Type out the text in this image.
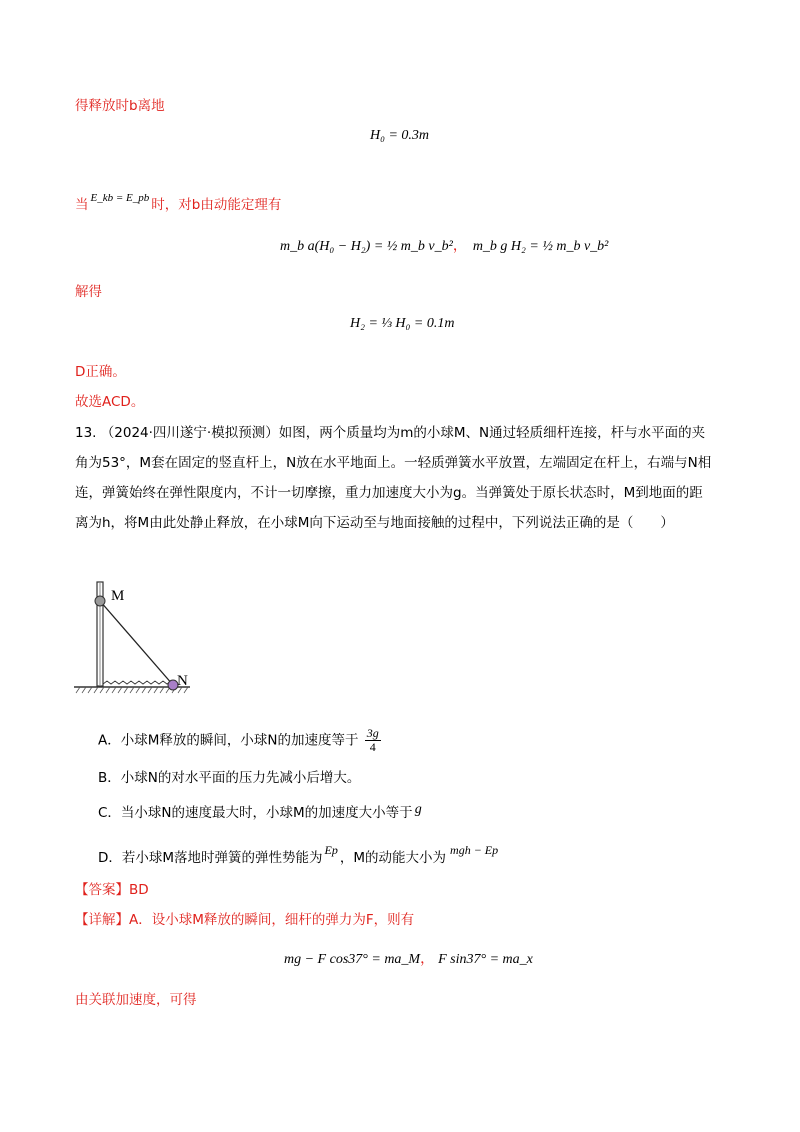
得释放时b离地
H₀ = 0.3m
当 $^{E\_kb = E\_pb}$ 时，对b由动能定理有
m_b a(H₀ − H₂) = ½ m_b v_b²， m_b g H₂ = ½ m_b v_b²
解得
H₂ = ⅓ H₀ = 0.1m
D正确。
故选ACD。
13. （2024·四川遂宁·模拟预测）如图，两个质量均为m的小球M、N通过轻质细杆连接，杆与水平面的夹角为53°，M套在固定的竖直杆上，N放在水平地面上。一轻质弹簧水平放置，左端固定在杆上，右端与N相连，弹簧始终在弹性限度内，不计一切摩擦，重力加速度大小为g。当弹簧处于原长状态时，M到地面的距离为h，将M由此处静止释放，在小球M向下运动至与地面接触的过程中，下列说法正确的是（　　）
M
N
A．小球M释放的瞬间，小球N的加速度等于 $\frac{3g}{4}$
B．小球N的对水平面的压力先减小后增大。
C．当小球N的速度最大时，小球M的加速度大小等于 g
D．若小球M落地时弹簧的弹性势能为 Ep ，M的动能大小为 mgh − Ep
【答案】BD
【详解】A．设小球M释放的瞬间，细杆的弹力为F，则有
mg − F cos37° = ma_M， F sin37° = ma_x
由关联加速度，可得
